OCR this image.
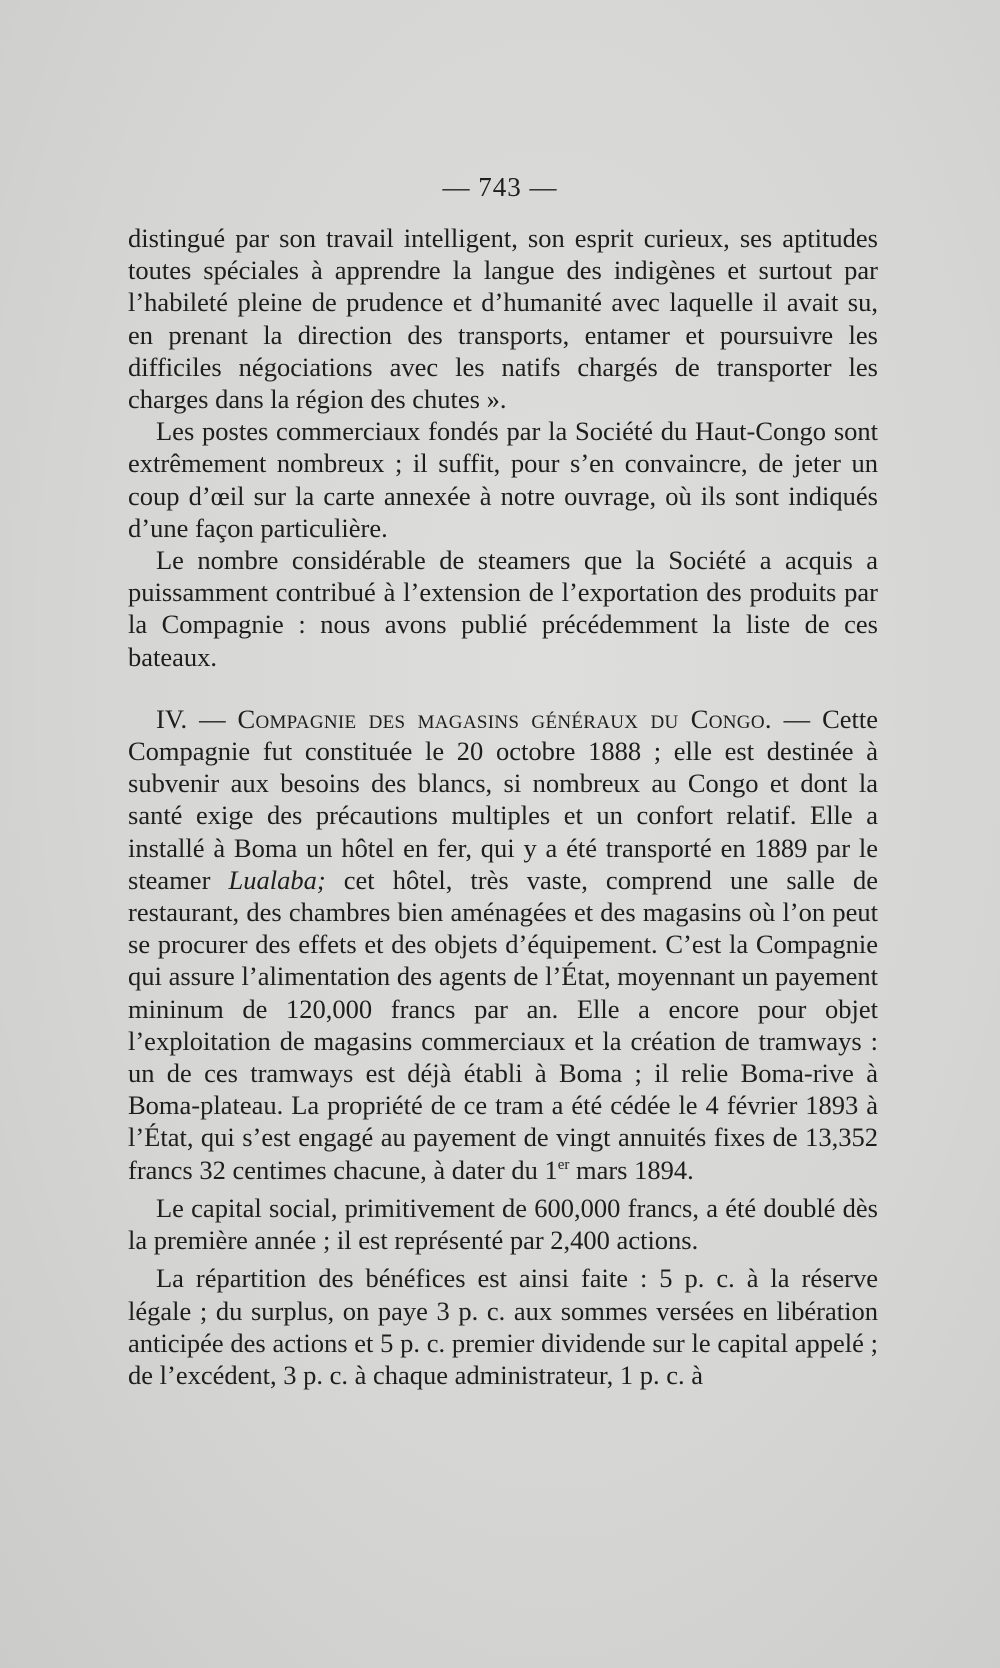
— 743 —

distingué par son travail intelligent, son esprit curieux, ses aptitudes toutes spéciales à apprendre la langue des indigènes et surtout par l’habileté pleine de prudence et d’humanité avec laquelle il avait su, en prenant la direction des transports, entamer et poursuivre les difficiles négociations avec les natifs chargés de transporter les charges dans la région des chutes ».

Les postes commerciaux fondés par la Société du Haut-Congo sont extrêmement nombreux ; il suffit, pour s’en convaincre, de jeter un coup d’œil sur la carte annexée à notre ouvrage, où ils sont indiqués d’une façon particulière.

Le nombre considérable de steamers que la Société a acquis a puissamment contribué à l’extension de l’exportation des produits par la Compagnie : nous avons publié précédemment la liste de ces bateaux.

IV. — Compagnie des magasins généraux du Congo. — Cette Compagnie fut constituée le 20 octobre 1888 ; elle est destinée à subvenir aux besoins des blancs, si nombreux au Congo et dont la santé exige des précautions multiples et un confort relatif. Elle a installé à Boma un hôtel en fer, qui y a été transporté en 1889 par le steamer Lualaba; cet hôtel, très vaste, comprend une salle de restaurant, des chambres bien aménagées et des magasins où l’on peut se procurer des effets et des objets d’équipement. C’est la Compagnie qui assure l’alimentation des agents de l’État, moyennant un payement mininum de 120,000 francs par an. Elle a encore pour objet l’exploitation de magasins commerciaux et la création de tramways : un de ces tramways est déjà établi à Boma ; il relie Boma-rive à Boma-plateau. La propriété de ce tram a été cédée le 4 février 1893 à l’État, qui s’est engagé au payement de vingt annuités fixes de 13,352 francs 32 centimes chacune, à dater du 1er mars 1894.

Le capital social, primitivement de 600,000 francs, a été doublé dès la première année ; il est représenté par 2,400 actions.

La répartition des bénéfices est ainsi faite : 5 p. c. à la réserve légale ; du surplus, on paye 3 p. c. aux sommes versées en libération anticipée des actions et 5 p. c. premier dividende sur le capital appelé ; de l’excédent, 3 p. c. à chaque administrateur, 1 p. c. à
